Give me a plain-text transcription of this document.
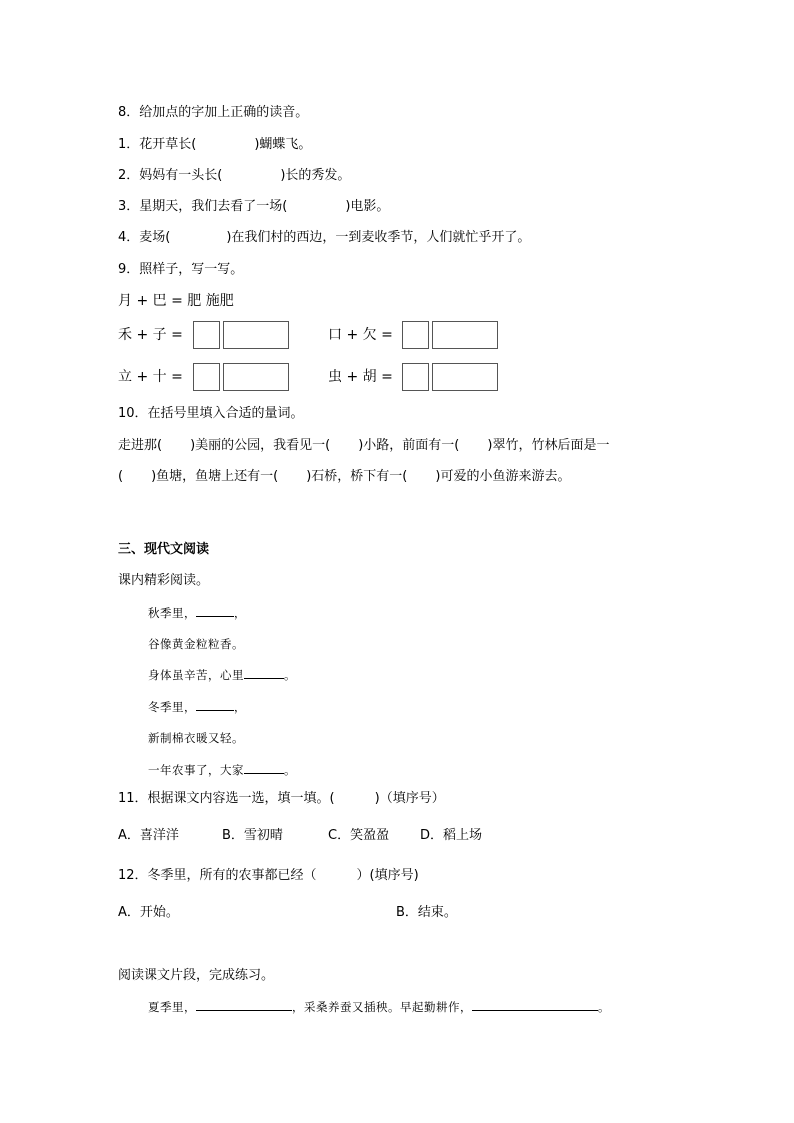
8．给加点的字加上正确的读音。
1．花开草长(	)蝴蝶飞。
2．妈妈有一头长(	)长的秀发。
3．星期天，我们去看了一场(	)电影。
4．麦场(	)在我们村的西边，一到麦收季节，人们就忙乎开了。
9．照样子，写一写。
月 + 巴 = 肥 施肥
禾 + 子 =	口 + 欠 =
立 + 十 =	虫 + 胡 =
10．在括号里填入合适的量词。
走进那( )美丽的公园，我看见一( )小路，前面有一( )翠竹，竹林后面是一
( )鱼塘，鱼塘上还有一( )石桥，桥下有一( )可爱的小鱼游来游去。
三、现代文阅读
课内精彩阅读。
秋季里，	，
谷像黄金粒粒香。
身体虽辛苦，心里	。
冬季里，	，
新制棉衣暖又轻。
一年农事了，大家	。
11．根据课文内容选一选，填一填。(	)（填序号）
A．喜洋洋	B．雪初晴	C．笑盈盈 D．稻上场
12．冬季里，所有的农事都已经（	）(填序号)
A．开始。	B．结束。
阅读课文片段，完成练习。
夏季里，	，采桑养蚕又插秧。早起勤耕作，	。
